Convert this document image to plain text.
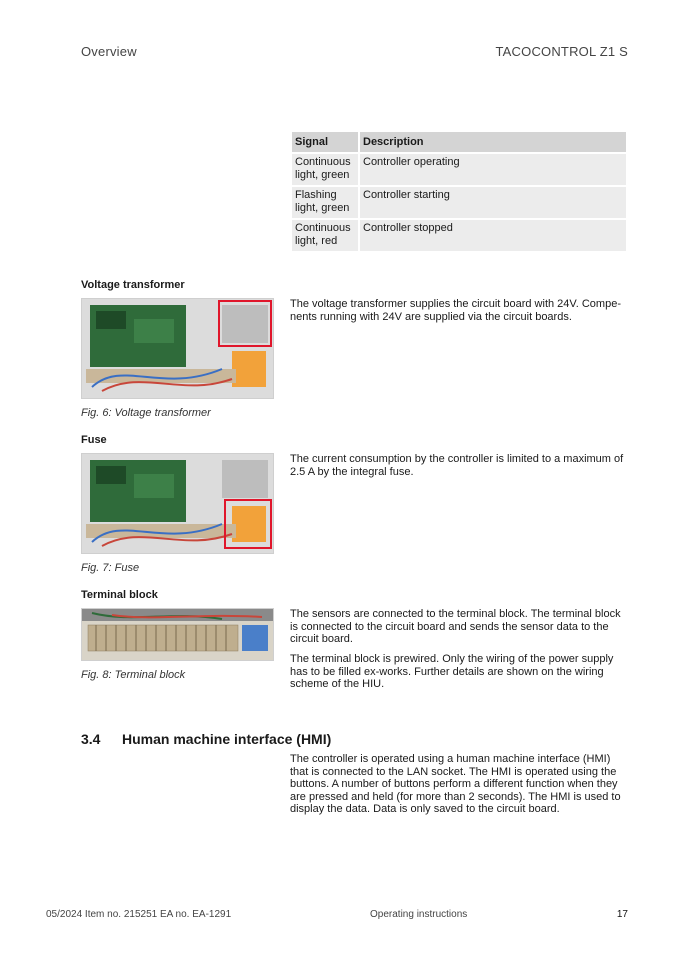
Overview	TACOCONTROL Z1 S
Signal	Description
Continuous light, green	Controller operating
Flashing light, green	Controller starting
Continuous light, red	Controller stopped
Voltage transformer
Fig. 6: Voltage transformer

The voltage transformer supplies the circuit board with 24V. Compe-nents running with 24V are supplied via the circuit boards.

Fuse
Fig. 7: Fuse

The current consumption by the controller is limited to a maximum of 2.5 A by the integral fuse.

Terminal block
Fig. 8: Terminal block

The sensors are connected to the terminal block. The terminal block is connected to the circuit board and sends the sensor data to the circuit board.

The terminal block is prewired. Only the wiring of the power supply has to be filled ex-works. Further details are shown on the wiring scheme of the HIU.

3.4 Human machine interface (HMI)

The controller is operated using a human machine interface (HMI) that is connected to the LAN socket. The HMI is operated using the buttons. A number of buttons perform a different function when they are pressed and held (for more than 2 seconds). The HMI is used to display the data. Data is only saved to the circuit board.

05/2024 Item no. 215251 EA no. EA-1291	Operating instructions	17
